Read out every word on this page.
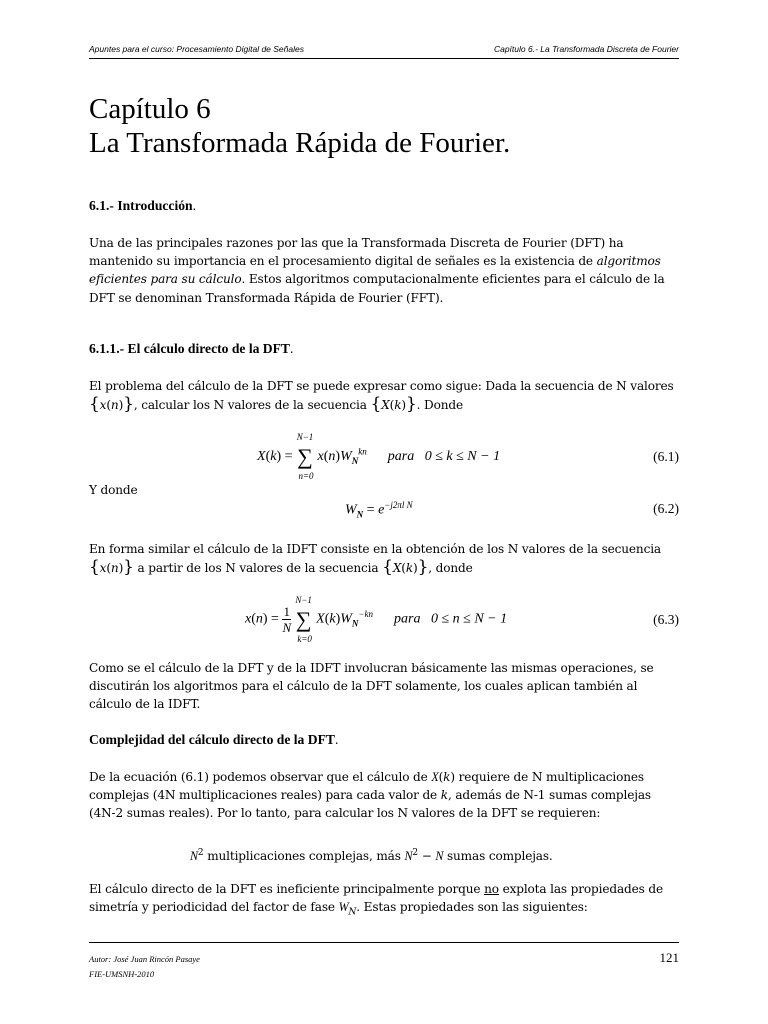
Apuntes para el curso: Procesamiento Digital de Señales	Capítulo 6.- La Transformada Discreta de Fourier
Capítulo 6
La Transformada Rápida de Fourier.
6.1.- Introducción.
Una de las principales razones por las que la Transformada Discreta de Fourier (DFT) ha
mantenido su importancia en el procesamiento digital de señales es la existencia de algoritmos
eficientes para su cálculo. Estos algoritmos computacionalmente eficientes para el cálculo de la
DFT se denominan Transformada Rápida de Fourier (FFT).
6.1.1.- El cálculo directo de la DFT.
El problema del cálculo de la DFT se puede expresar como sigue: Dada la secuencia de N valores
{x(n)}, calcular los N valores de la secuencia {X(k)}. Donde
X(k) =
N−1
∑
n=0
$x(n)W_N^{kn}$ para 0 ≤ k ≤ N − 1	(6.1)
Y donde
$W_N = e^{-j2\pi l N}$	(6.2)
En forma similar el cálculo de la IDFT consiste en la obtención de los N valores de la secuencia
{x(n)} a partir de los N valores de la secuencia {X(k)}, donde
$x(n) = \frac{1}{N}$

N−1
∑
k=0
$X(k)W_N^{-kn}$ para 0 ≤ n ≤ N − 1	(6.3)
Como se el cálculo de la DFT y de la IDFT involucran básicamente las mismas operaciones, se
discutirán los algoritmos para el cálculo de la DFT solamente, los cuales aplican también al
cálculo de la IDFT.
Complejidad del cálculo directo de la DFT.
De la ecuación (6.1) podemos observar que el cálculo de X(k) requiere de N multiplicaciones
complejas (4N multiplicaciones reales) para cada valor de k, además de N-1 sumas complejas
(4N-2 sumas reales). Por lo tanto, para calcular los N valores de la DFT se requieren:
$N^2$ multiplicaciones complejas, más $N^2 - N$ sumas complejas.
El cálculo directo de la DFT es ineficiente principalmente porque no explota las propiedades de
simetría y periodicidad del factor de fase $W_N$. Estas propiedades son las siguientes:
Autor: José Juan Rincón Pasaye
FIE-UMSNH-2010
121
